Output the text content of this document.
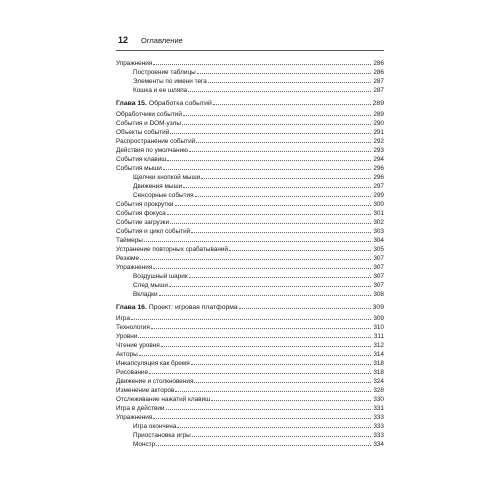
12 Оглавление
Упражнения	286
Построение таблицы	286
Элементы по имени тега	287
Кошка и ее шляпа	287
Глава 15. Обработка событий	289
Обработчики событий	289
События и DOM-узлы	290
Объекты событий	291
Распространение событий	292
Действия по умолчанию	293
События клавиш	294
События мыши	296
Щелчки кнопкой мыши	296
Движения мыши	297
Сенсорные события	299
События прокрутки	300
События фокуса	301
Событие загрузки	302
События и цикл событий	303
Таймеры	304
Устранение повторных срабатываний	305
Резюме	307
Упражнения	307
Воздушный шарик	307
След мыши	307
Вкладки	308
Глава 16. Проект: игровая платформа	309
Игра	309
Технология	310
Уровни	311
Чтение уровня	312
Акторы	314
Инкапсуляция как бремя	318
Рисование	318
Движение и столкновения	324
Изменение акторов	328
Отслеживание нажатий клавиш	330
Игра в действии	331
Упражнения	333
Игра окончена	333
Приостановка игры	333
Монстр	334
